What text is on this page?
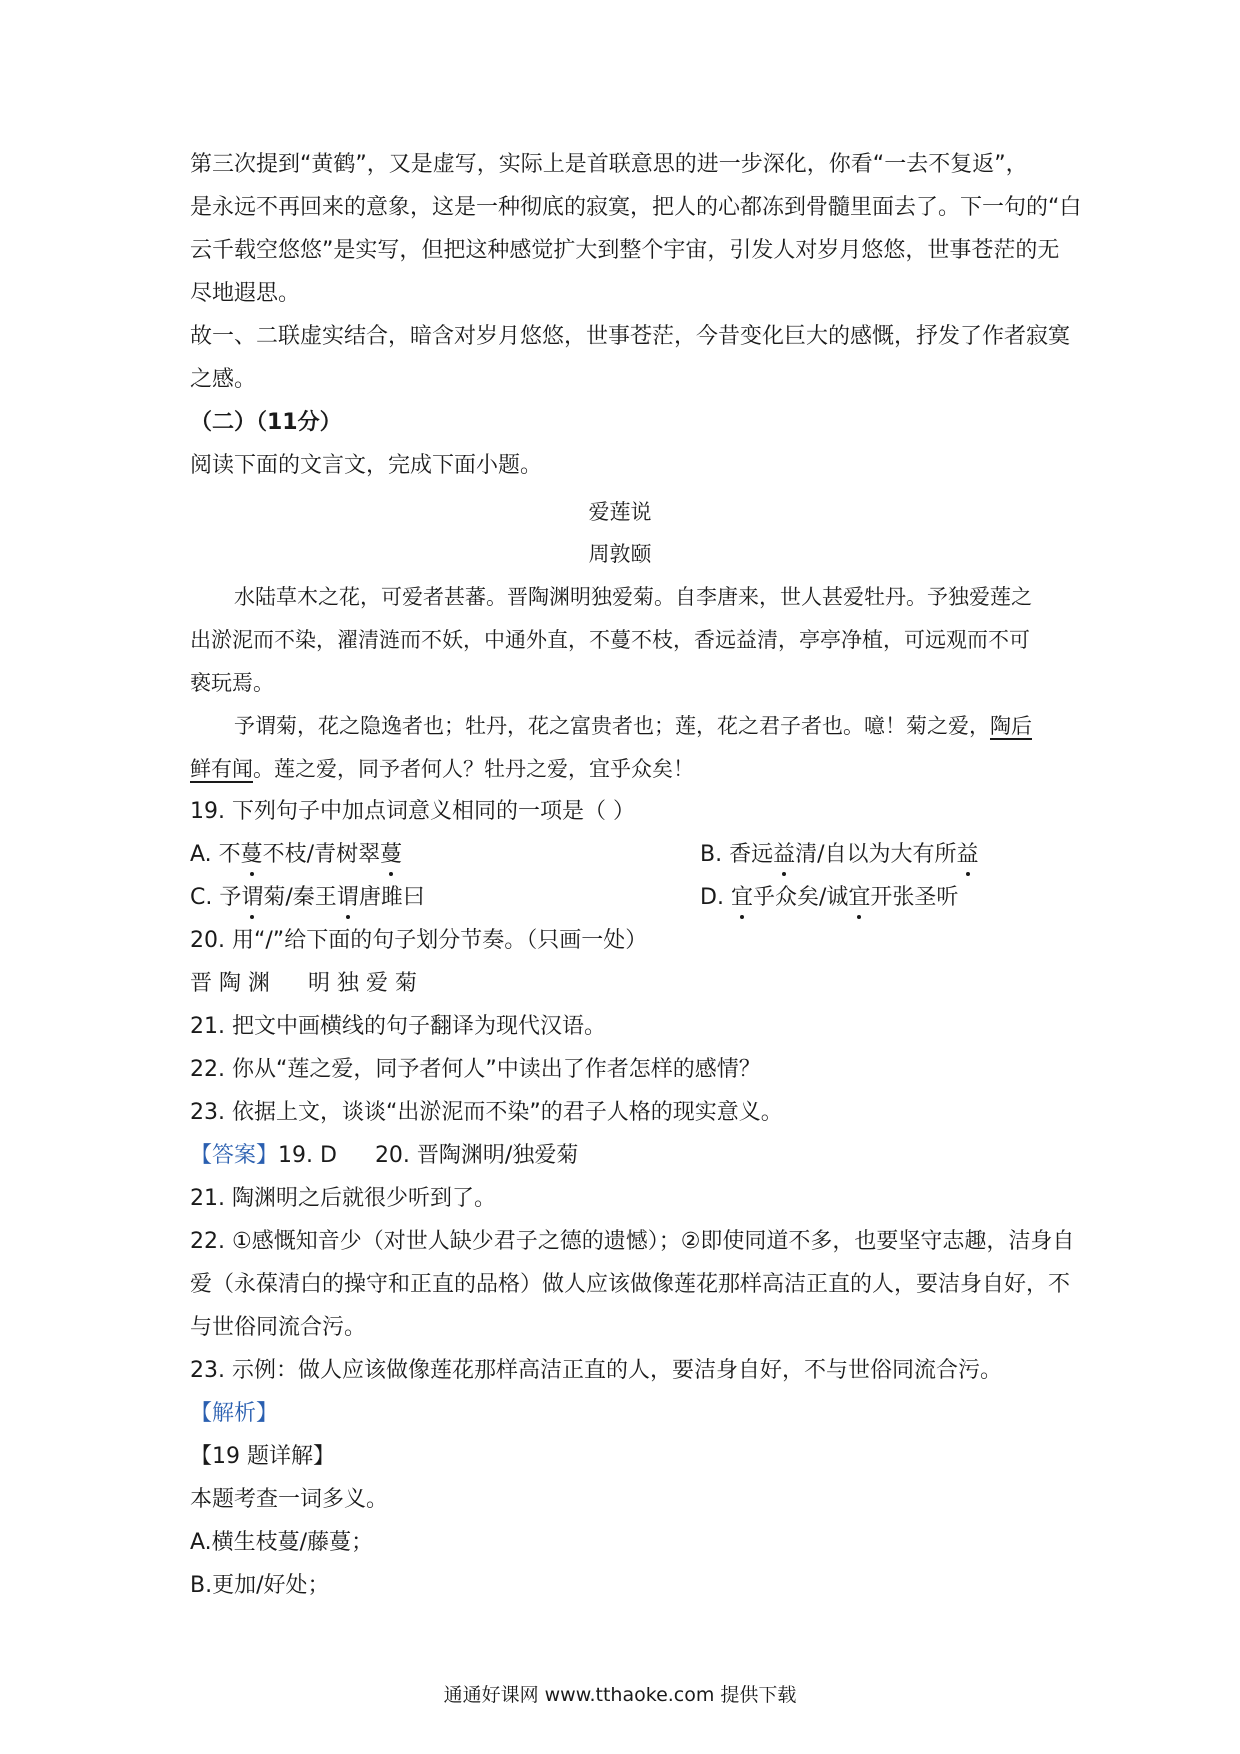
第三次提到“黄鹤”，又是虚写，实际上是首联意思的进一步深化，你看“一去不复返”，
是永远不再回来的意象，这是一种彻底的寂寞，把人的心都冻到骨髓里面去了。下一句的“白
云千载空悠悠”是实写，但把这种感觉扩大到整个宇宙，引发人对岁月悠悠，世事苍茫的无
尽地遐思。
故一、二联虚实结合，暗含对岁月悠悠，世事苍茫，今昔变化巨大的感慨，抒发了作者寂寞
之感。
（二）（11分）
阅读下面的文言文，完成下面小题。
爱莲说
周敦颐
水陆草木之花，可爱者甚蕃。晋陶渊明独爱菊。自李唐来，世人甚爱牡丹。予独爱莲之
出淤泥而不染，濯清涟而不妖，中通外直，不蔓不枝，香远益清，亭亭净植，可远观而不可
亵玩焉。
予谓菊，花之隐逸者也；牡丹，花之富贵者也；莲，花之君子者也。噫！菊之爱，陶后
鲜有闻。莲之爱，同予者何人？牡丹之爱，宜乎众矣！
19. 下列句子中加点词意义相同的一项是（ ）
A. 不蔓不枝/青树翠蔓	B. 香远益清/自以为大有所益
C. 予谓菊/秦王谓唐雎曰	D. 宜乎众矣/诚宜开张圣听
20. 用“/”给下面的句子划分节奏。（只画一处）
晋 陶 渊 明 独 爱 菊
21. 把文中画横线的句子翻译为现代汉语。
22. 你从“莲之爱，同予者何人”中读出了作者怎样的感情？
23. 依据上文，谈谈“出淤泥而不染”的君子人格的现实意义。
【答案】19. D 20. 晋陶渊明/独爱菊
21. 陶渊明之后就很少听到了。
22. ①感慨知音少（对世人缺少君子之德的遗憾）；②即使同道不多，也要坚守志趣，洁身自
爱（永葆清白的操守和正直的品格）做人应该做像莲花那样高洁正直的人，要洁身自好，不
与世俗同流合污。
23. 示例：做人应该做像莲花那样高洁正直的人，要洁身自好，不与世俗同流合污。
【解析】
【19 题详解】
本题考查一词多义。
A.横生枝蔓/藤蔓；
B.更加/好处；
通通好课网 www.tthaoke.com 提供下载
